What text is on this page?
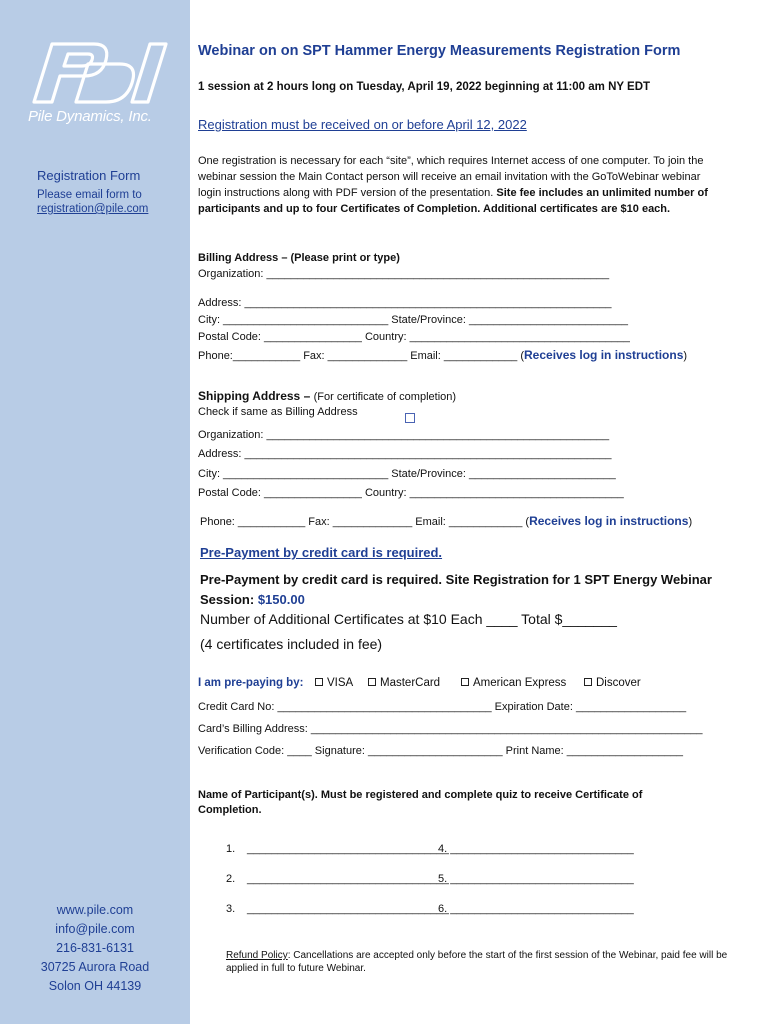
Pile Dynamics, Inc.
Registration Form
Please email form to
registration@pile.com
www.pile.com
info@pile.com
216-831-6131
30725 Aurora Road
Solon OH 44139
Webinar on on SPT Hammer Energy Measurements Registration Form
1 session at 2 hours long on Tuesday, April 19, 2022 beginning at 11:00 am NY EDT
Registration must be received on or before April 12, 2022
One registration is necessary for each “site”, which requires Internet access of one computer. To join the webinar session the Main Contact person will receive an email invitation with the GoToWebinar webinar login instructions along with PDF version of the presentation. Site fee includes an unlimited number of participants and up to four Certificates of Completion. Additional certificates are $10 each.
Billing Address – (Please print or type)
Organization: ________________________________________________________
Address: ____________________________________________________________
City: ___________________________ State/Province: __________________________
Postal Code: ________________ Country: ____________________________________
Phone:___________ Fax: _____________ Email: ____________ (Receives log in instructions)
Shipping Address – (For certificate of completion)
Check if same as Billing Address
Organization: ________________________________________________________
Address: ____________________________________________________________
City: ___________________________ State/Province: ________________________
Postal Code: ________________ Country: ___________________________________
Phone: ___________ Fax: _____________ Email: ____________ (Receives log in instructions)
Pre-Payment by credit card is required.
Pre-Payment by credit card is required. Site Registration for 1 SPT Energy Webinar Session: $150.00
Number of Additional Certificates at $10 Each ____ Total $_______
(4 certificates included in fee)
I am pre-paying by:	VISA	MasterCard	American Express	Discover
Credit Card No: ___________________________________ Expiration Date: __________________
Card’s Billing Address: ________________________________________________________________
Verification Code: ____ Signature: ______________________ Print Name: ___________________
Name of Participant(s). Must be registered and complete quiz to receive Certificate of Completion.
1. _________________________________
4. ______________________________
2. _________________________________
5. ______________________________
3. _________________________________
6. ______________________________
Refund Policy: Cancellations are accepted only before the start of the first session of the Webinar, paid fee will be applied in full to future Webinar.
